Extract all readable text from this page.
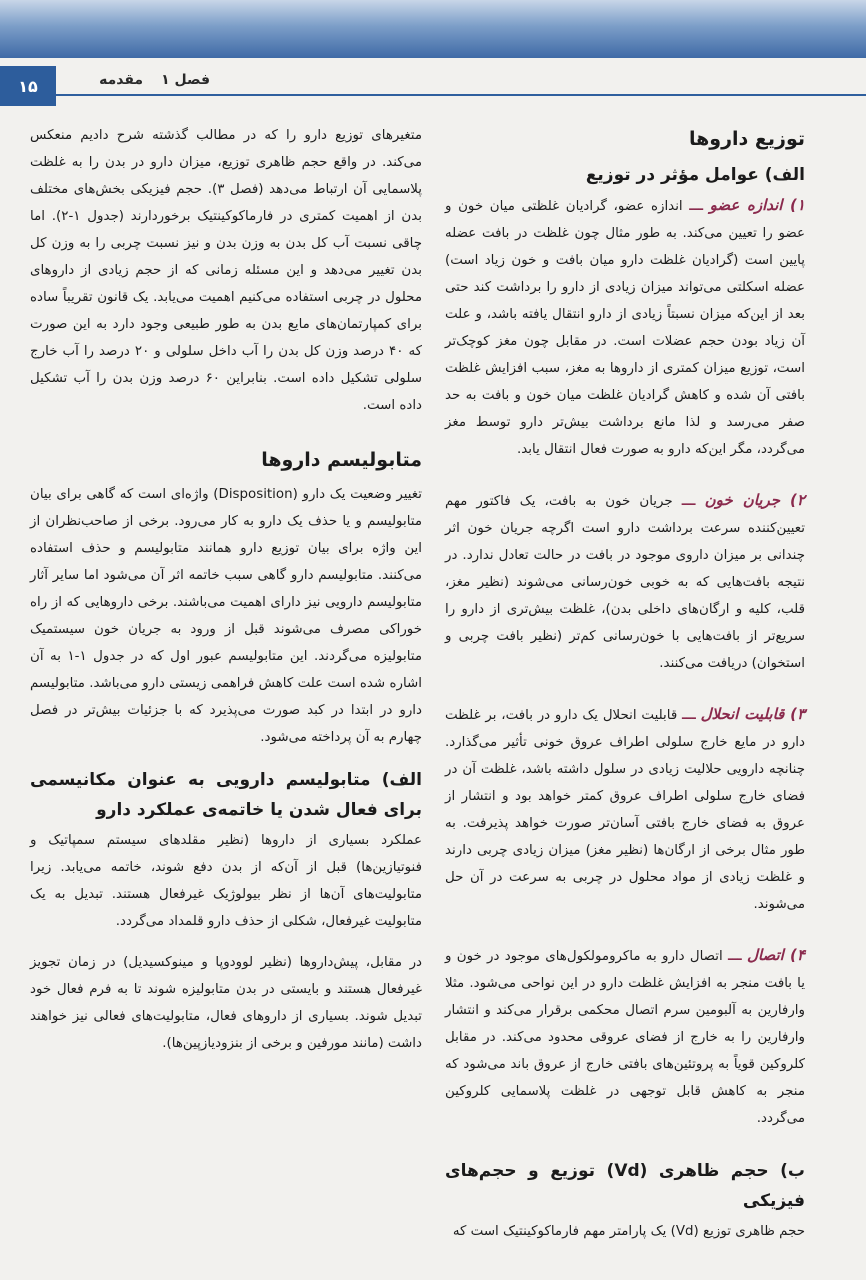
۱۵	فصل ۱
مقدمه
توزیع داروها
الف) عوامل مؤثر در توزیع

۱) اندازه عضو ـــ اندازه عضو، گرادیان غلظتی میان خون و عضو را تعیین می‌کند. به طور مثال چون غلظت در بافت عضله پایین است (گرادیان غلظت دارو میان بافت و خون زیاد است) عضله اسکلتی می‌تواند میزان زیادی از دارو را برداشت کند حتی بعد از این‌که میزان نسبتاً زیادی از دارو انتقال یافته باشد، و علت آن زیاد بودن حجم عضلات است. در مقابل چون مغز کوچک‌تر است، توزیع میزان کمتری از داروها به مغز، سبب افزایش غلظت بافتی آن شده و کاهش گرادیان غلظت میان خون و بافت به حد صفر می‌رسد و لذا مانع برداشت بیش‌تر دارو توسط مغز می‌گردد، مگر این‌که دارو به صورت فعال انتقال یابد.

۲) جریان خون ـــ جریان خون به بافت، یک فاکتور مهم تعیین‌کننده سرعت برداشت دارو است اگرچه جریان خون اثر چندانی بر میزان داروی موجود در بافت در حالت تعادل ندارد. در نتیجه بافت‌هایی که به خوبی خون‌رسانی می‌شوند (نظیر مغز، قلب، کلیه و ارگان‌های داخلی بدن)، غلظت بیش‌تری از دارو را سریع‌تر از بافت‌هایی با خون‌رسانی کم‌تر (نظیر بافت چربی و استخوان) دریافت می‌کنند.

۳) قابلیت انحلال ـــ قابلیت انحلال یک دارو در بافت، بر غلظت دارو در مایع خارج سلولی اطراف عروق خونی تأثیر می‌گذارد. چنانچه دارویی حلالیت زیادی در سلول داشته باشد، غلظت آن در فضای خارج سلولی اطراف عروق کمتر خواهد بود و انتشار از عروق به فضای خارج بافتی آسان‌تر صورت خواهد پذیرفت. به طور مثال برخی از ارگان‌ها (نظیر مغز) میزان زیادی چربی دارند و غلظت زیادی از مواد محلول در چربی به سرعت در آن حل می‌شوند.

۴) اتصال ـــ اتصال دارو به ماکرومولکول‌های موجود در خون و یا بافت منجر به افزایش غلظت دارو در این نواحی می‌شود. مثلا وارفارین به آلبومین سرم اتصال محکمی برقرار می‌کند و انتشار وارفارین را به خارج از فضای عروقی محدود می‌کند. در مقابل کلروکین قویاً به پروتئین‌های بافتی خارج از عروق باند می‌شود که منجر به کاهش قابل توجهی در غلظت پلاسمایی کلروکین می‌گردد.

ب) حجم ظاهری (Vd) توزیع و حجم‌های فیزیکی

حجم ظاهری توزیع (Vd) یک پارامتر مهم فارماکوکینتیک است که

متغیرهای توزیع دارو را که در مطالب گذشته شرح دادیم منعکس می‌کند. در واقع حجم ظاهری توزیع، میزان دارو در بدن را به غلظت پلاسمایی آن ارتباط می‌دهد (فصل ۳). حجم فیزیکی بخش‌های مختلف بدن از اهمیت کمتری در فارماکوکینتیک برخوردارند (جدول ۱-۲). اما چاقی نسبت آب کل بدن به وزن بدن و نیز نسبت چربی را به وزن کل بدن تغییر می‌دهد و این مسئله زمانی که از حجم زیادی از داروهای محلول در چربی استفاده می‌کنیم اهمیت می‌یابد. یک قانون تقریباً ساده برای کمپارتمان‌های مایع بدن به طور طبیعی وجود دارد به این صورت که ۴۰ درصد وزن کل بدن را آب داخل سلولی و ۲۰ درصد را آب خارج سلولی تشکیل داده است. بنابراین ۶۰ درصد وزن بدن را آب تشکیل داده است.

متابولیسم داروها

تغییر وضعیت یک دارو (Disposition) واژه‌ای است که گاهی برای بیان متابولیسم و یا حذف یک دارو به کار می‌رود. برخی از صاحب‌نظران از این واژه برای بیان توزیع دارو همانند متابولیسم و حذف استفاده می‌کنند. متابولیسم دارو گاهی سبب خاتمه اثر آن می‌شود اما سایر آثار متابولیسم دارویی نیز دارای اهمیت می‌باشند. برخی داروهایی که از راه خوراکی مصرف می‌شوند قبل از ورود به جریان خون سیستمیک متابولیزه می‌گردند. این متابولیسم عبور اول که در جدول ۱-۱ به آن اشاره شده است علت کاهش فراهمی زیستی دارو می‌باشد. متابولیسم دارو در ابتدا در کبد صورت می‌پذیرد که با جزئیات بیش‌تر در فصل چهارم به آن پرداخته می‌شود.

الف) متابولیسم دارویی به عنوان مکانیسمی برای فعال شدن یا خاتمه‌ی عملکرد دارو

عملکرد بسیاری از داروها (نظیر مقلدهای سیستم سمپاتیک و فنوتیازین‌ها) قبل از آن‌که از بدن دفع شوند، خاتمه می‌یابد. زیرا متابولیت‌های آن‌ها از نظر بیولوژیک غیرفعال هستند. تبدیل به یک متابولیت غیرفعال، شکلی از حذف دارو قلمداد می‌گردد.

در مقابل، پیش‌داروها (نظیر لوودوپا و مینوکسیدیل) در زمان تجویز غیرفعال هستند و بایستی در بدن متابولیزه شوند تا به فرم فعال خود تبدیل شوند. بسیاری از داروهای فعال، متابولیت‌های فعالی نیز خواهند داشت (مانند مورفین و برخی از بنزودیازپین‌ها).
